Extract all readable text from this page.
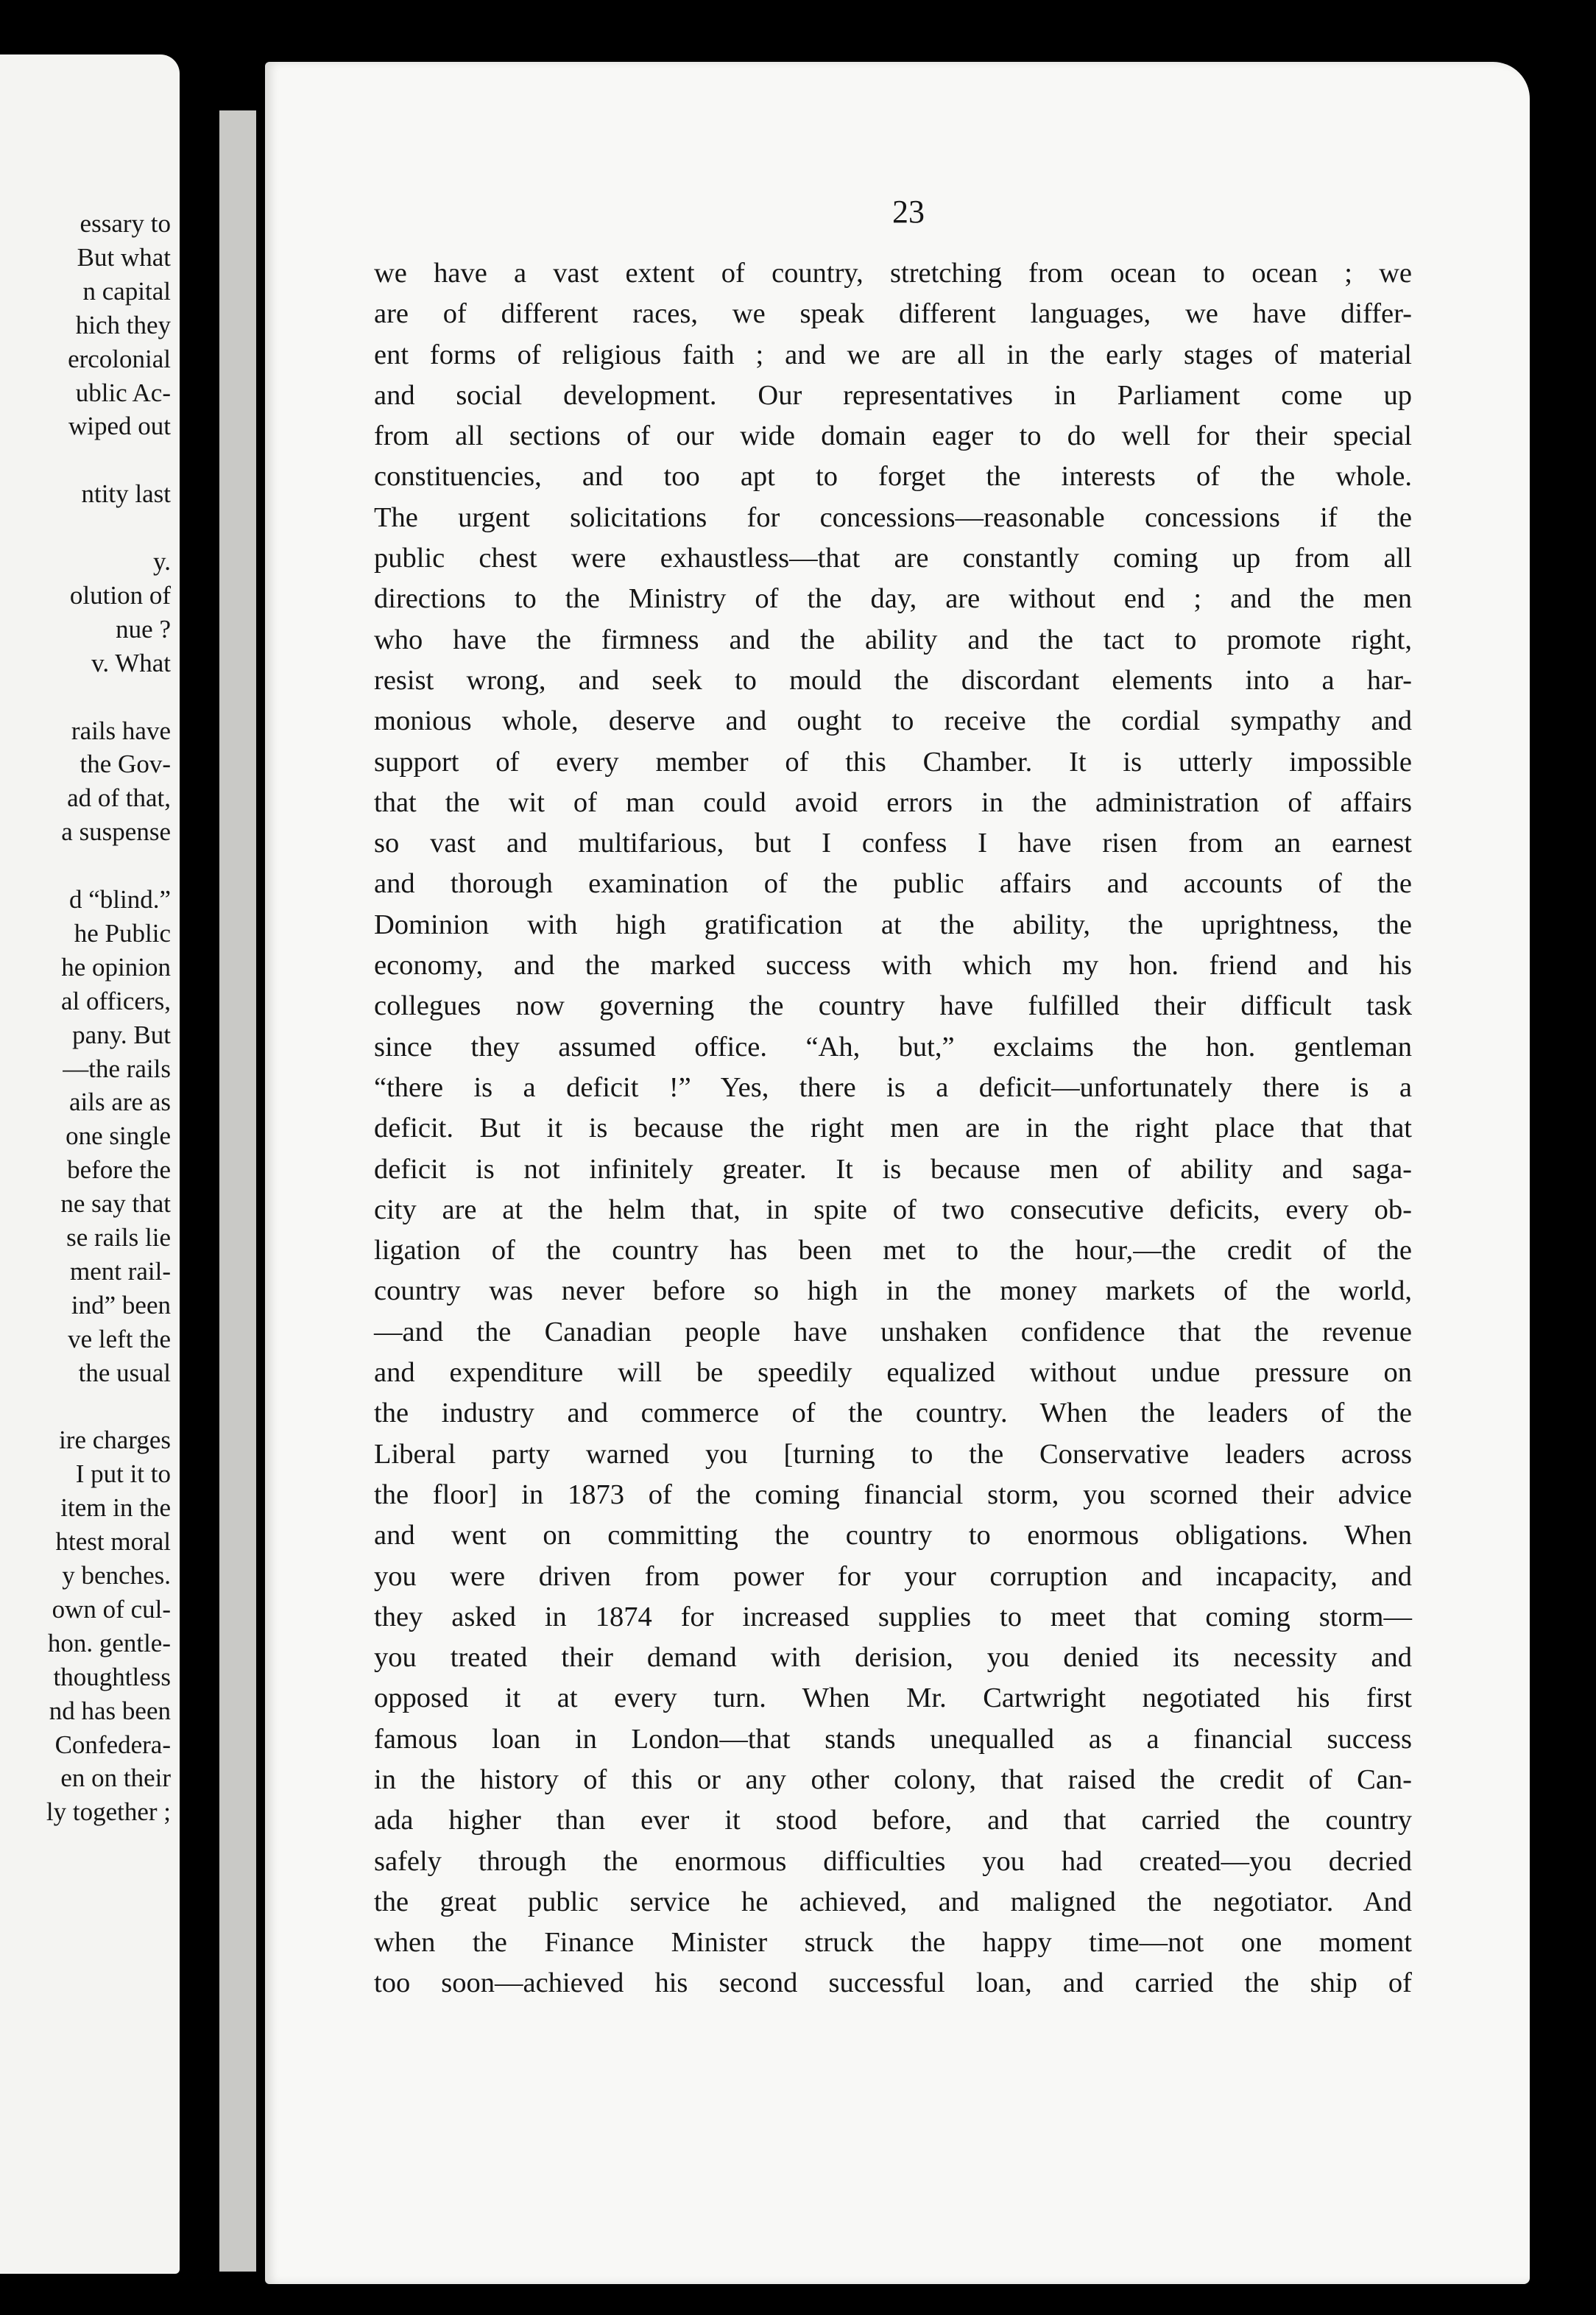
essary to
But what
n capital
hich they
ercolonial
ublic Ac-
wiped out
ntity last
y.
olution of
nue ?
v. What
rails have
the Gov-
ad of that,
a suspense
d “blind.”
he Public
he opinion
al officers,
pany. But
—the rails
ails are as
one single
before the
ne say that
se rails lie
ment rail-
ind” been
ve left the
the usual
ire charges
I put it to
item in the
htest moral
y benches.
own of cul-
hon. gentle-
thoughtless
nd has been
Confedera-
en on their
ly together ;
23
we have a vast extent of country, stretching from ocean to ocean ; we
are of different races, we speak different languages, we have differ-
ent forms of religious faith ; and we are all in the early stages of material
and social development. Our representatives in Parliament come up
from all sections of our wide domain eager to do well for their special
constituencies, and too apt to forget the interests of the whole.
The urgent solicitations for concessions—reasonable concessions if the
public chest were exhaustless—that are constantly coming up from all
directions to the Ministry of the day, are without end ; and the men
who have the firmness and the ability and the tact to promote right,
resist wrong, and seek to mould the discordant elements into a har-
monious whole, deserve and ought to receive the cordial sympathy and
support of every member of this Chamber. It is utterly impossible
that the wit of man could avoid errors in the administration of affairs
so vast and multifarious, but I confess I have risen from an earnest
and thorough examination of the public affairs and accounts of the
Dominion with high gratification at the ability, the uprightness, the
economy, and the marked success with which my hon. friend and his
collegues now governing the country have fulfilled their difficult task
since they assumed office. “Ah, but,” exclaims the hon. gentleman
“there is a deficit !” Yes, there is a deficit—unfortunately there is a
deficit. But it is because the right men are in the right place that that
deficit is not infinitely greater. It is because men of ability and saga-
city are at the helm that, in spite of two consecutive deficits, every ob-
ligation of the country has been met to the hour,—the credit of the
country was never before so high in the money markets of the world,
—and the Canadian people have unshaken confidence that the revenue
and expenditure will be speedily equalized without undue pressure on
the industry and commerce of the country. When the leaders of the
Liberal party warned you [turning to the Conservative leaders across
the floor] in 1873 of the coming financial storm, you scorned their advice
and went on committing the country to enormous obligations. When
you were driven from power for your corruption and incapacity, and
they asked in 1874 for increased supplies to meet that coming storm—
you treated their demand with derision, you denied its necessity and
opposed it at every turn. When Mr. Cartwright negotiated his first
famous loan in London—that stands unequalled as a financial success
in the history of this or any other colony, that raised the credit of Can-
ada higher than ever it stood before, and that carried the country
safely through the enormous difficulties you had created—you decried
the great public service he achieved, and maligned the negotiator. And
when the Finance Minister struck the happy time—not one moment
too soon—achieved his second successful loan, and carried the ship of
